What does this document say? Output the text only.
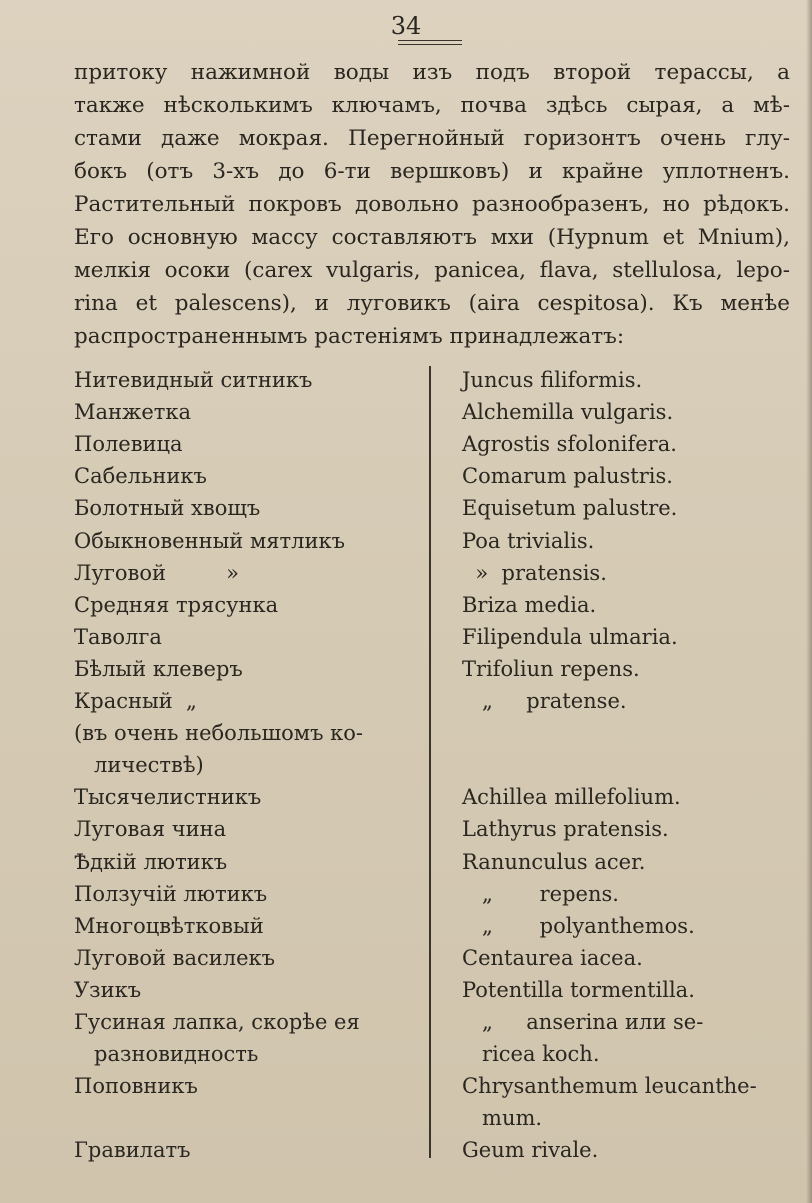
34

притоку нажимной воды изъ подъ второй терассы, а
также нѣсколькимъ ключамъ, почва здѣсь сырая, а мѣ-
стами даже мокрая. Перегнойный горизонтъ очень глу-
бокъ (отъ 3-хъ до 6-ти вершковъ) и крайне уплотненъ.
Растительный покровъ довольно разнообразенъ, но рѣдокъ.
Его основную массу составляютъ мхи (Hypnum et Mnium),
мелкія осоки (carex vulgaris, panicea, flava, stellulosa, lepo-
rina et palescens), и луговикъ (aira cespitosa). Къ менѣе
распространеннымъ растеніямъ принадлежатъ:

Нитевидный ситникъ	Juncus filiformis.
Манжетка	Alchemilla vulgaris.
Полевица	Agrostis sfolonifera.
Сабельникъ	Comarum palustris.
Болотный хвощъ	Equisetum palustre.
Обыкновенный мятликъ	Poa trivialis.
Луговой         »	»  pratensis.
Средняя трясунка	Briza media.
Таволга	Filipendula ulmaria.
Бѣлый клеверъ	Trifoliun repens.
Красный  „	„     pratense.
(въ очень небольшомъ ко-
личествѣ)
Тысячелистникъ	Achillea millefolium.
Луговая чина	Lathyrus pratensis.
Ѣдкій лютикъ	Ranunculus acer.
Ползучій лютикъ	„       repens.
Многоцвѣтковый	„       polyanthemos.
Луговой василекъ	Centaurea iacea.
Узикъ	Potentilla tormentilla.
Гусиная лапка, скорѣе ея	„     anserina или se-
разновидность	ricea koch.
Поповникъ	Chrysanthemum leucanthe-
mum.
Гравилатъ	Geum rivale.
